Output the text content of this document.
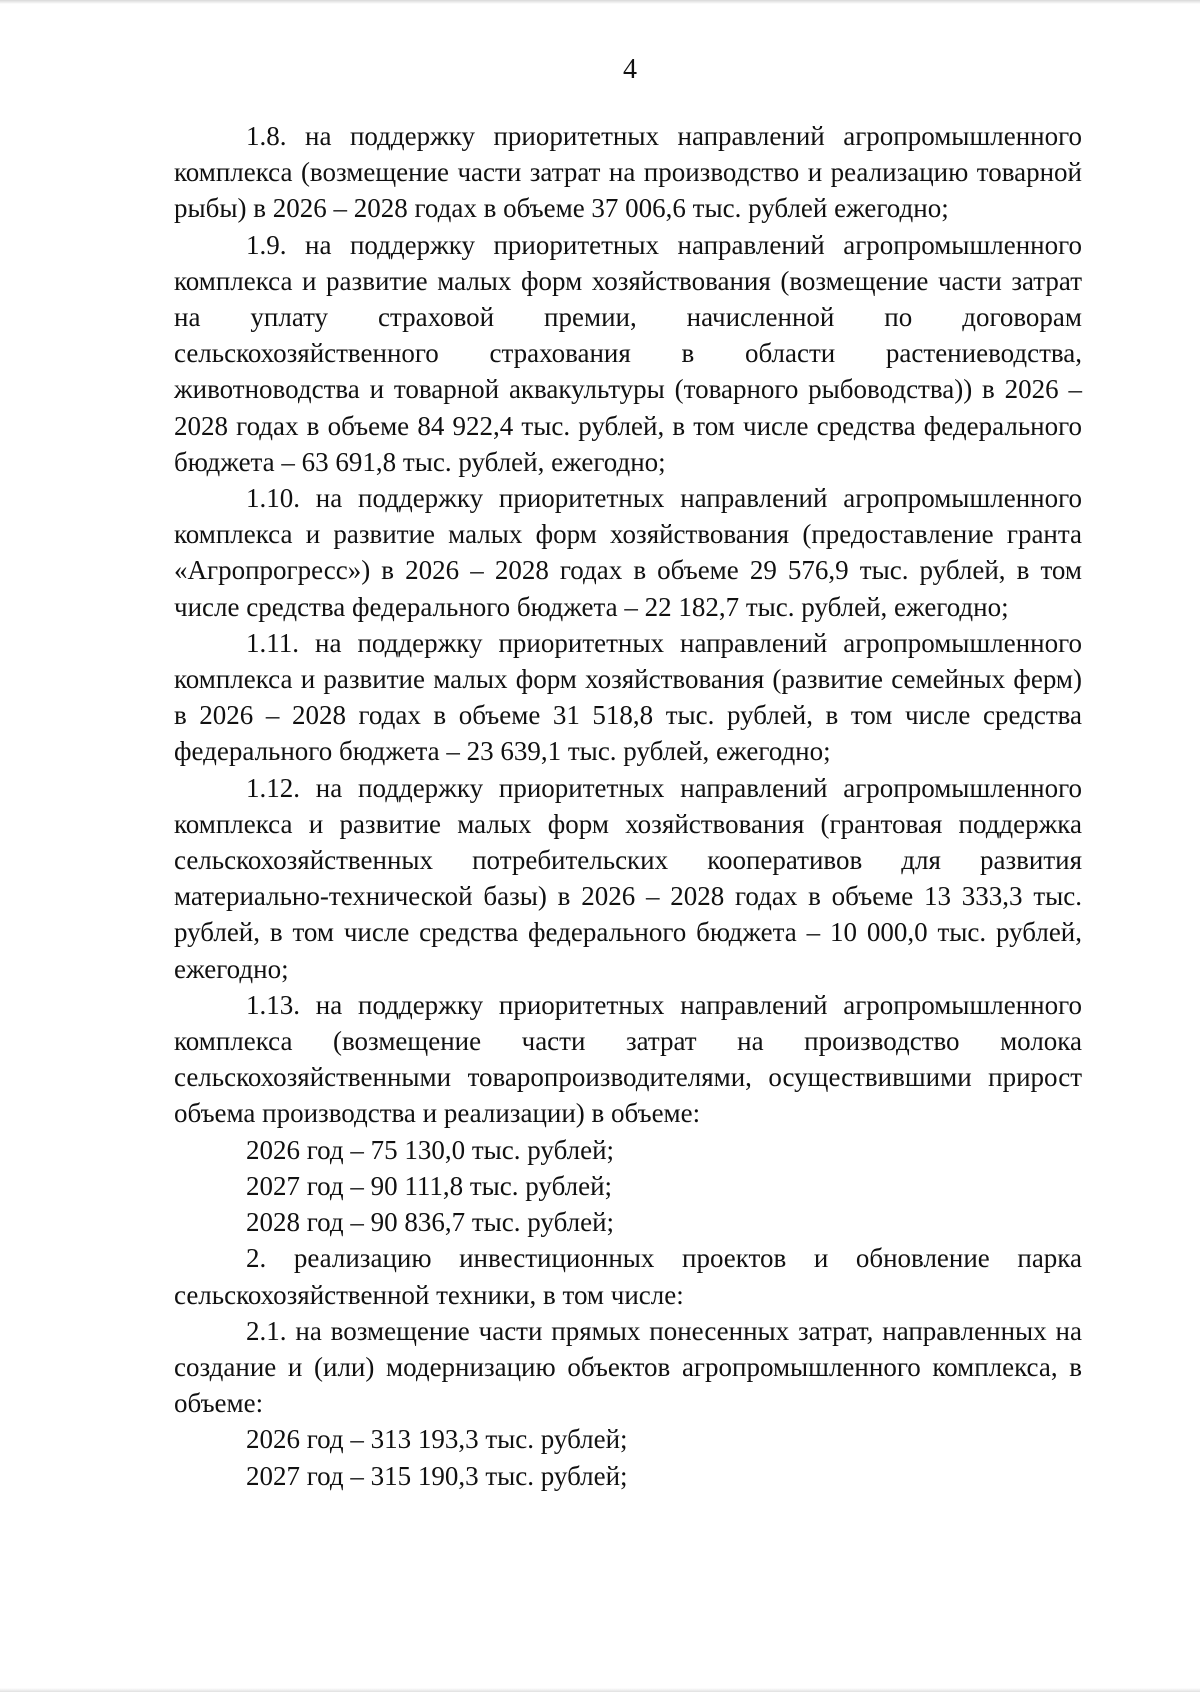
4

1.8. на поддержку приоритетных направлений агропромышленного комплекса (возмещение части затрат на производство и реализацию товарной рыбы) в 2026 – 2028 годах в объеме 37 006,6 тыс. рублей ежегодно;

1.9. на поддержку приоритетных направлений агропромышленного комплекса и развитие малых форм хозяйствования (возмещение части затрат на уплату страховой премии, начисленной по договорам сельскохозяйственного страхования в области растениеводства, животноводства и товарной аквакультуры (товарного рыбоводства)) в 2026 – 2028 годах в объеме 84 922,4 тыс. рублей, в том числе средства федерального бюджета – 63 691,8 тыс. рублей, ежегодно;

1.10. на поддержку приоритетных направлений агропромышленного комплекса и развитие малых форм хозяйствования (предоставление гранта «Агропрогресс») в 2026 – 2028 годах в объеме 29 576,9 тыс. рублей, в том числе средства федерального бюджета – 22 182,7 тыс. рублей, ежегодно;

1.11. на поддержку приоритетных направлений агропромышленного комплекса и развитие малых форм хозяйствования (развитие семейных ферм) в 2026 – 2028 годах в объеме 31 518,8 тыс. рублей, в том числе средства федерального бюджета – 23 639,1 тыс. рублей, ежегодно;

1.12. на поддержку приоритетных направлений агропромышленного комплекса и развитие малых форм хозяйствования (грантовая поддержка сельскохозяйственных потребительских кооперативов для развития материально-технической базы) в 2026 – 2028 годах в объеме 13 333,3 тыс. рублей, в том числе средства федерального бюджета – 10 000,0 тыс. рублей, ежегодно;

1.13. на поддержку приоритетных направлений агропромышленного комплекса (возмещение части затрат на производство молока сельскохозяйственными товаропроизводителями, осуществившими прирост объема производства и реализации) в объеме:

2026 год – 75 130,0 тыс. рублей;

2027 год – 90 111,8 тыс. рублей;

2028 год – 90 836,7 тыс. рублей;

2. реализацию инвестиционных проектов и обновление парка сельскохозяйственной техники, в том числе:

2.1. на возмещение части прямых понесенных затрат, направленных на создание и (или) модернизацию объектов агропромышленного комплекса, в объеме:

2026 год – 313 193,3 тыс. рублей;

2027 год – 315 190,3 тыс. рублей;
